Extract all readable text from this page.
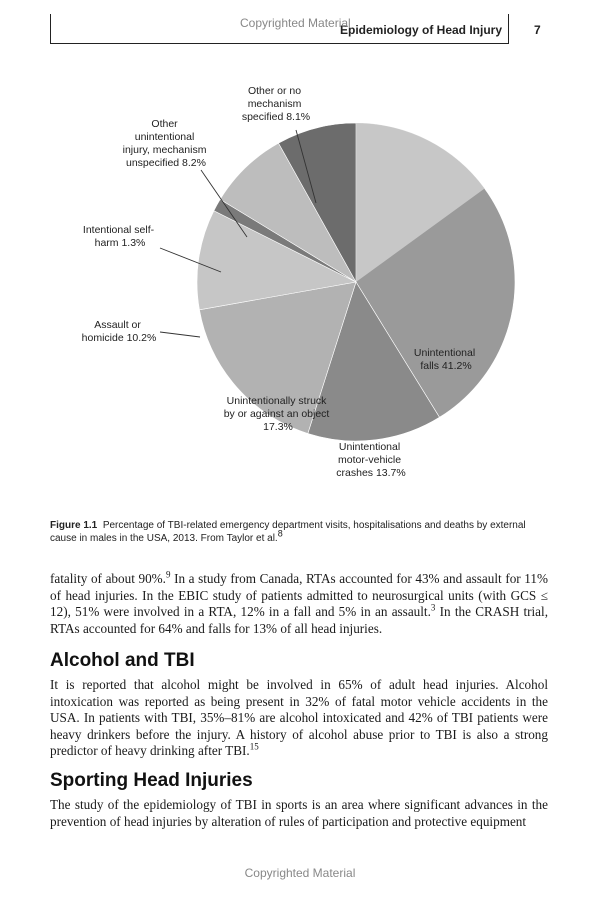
Epidemiology of Head Injury	7
Copyrighted Material
Unintentional falls 41.2%
Unintentional motor-vehicle crashes 13.7%
Unintentionally struck by or against an object 17.3%
Assault or homicide 10.2%
Intentional self- harm 1.3%
Other unintentional injury, mechanism unspecified 8.2%
Other or no mechanism specified 8.1%
Figure 1.1 Percentage of TBI-related emergency department visits, hospitalisations and deaths by external cause in males in the USA, 2013. From Taylor et al.$^8$
fatality of about 90%.$^9$ In a study from Canada, RTAs accounted for 43% and assault for 11% of head injuries. In the EBIC study of patients admitted to neurosurgical units (with GCS ≤ 12), 51% were involved in a RTA, 12% in a fall and 5% in an assault.$^3$ In the CRASH trial, RTAs accounted for 64% and falls for 13% of all head injuries.
Alcohol and TBI
It is reported that alcohol might be involved in 65% of adult head injuries. Alcohol intoxication was reported as being present in 32% of fatal motor vehicle accidents in the USA. In patients with TBI, 35%–81% are alcohol intoxicated and 42% of TBI patients were heavy drinkers before the injury. A history of alcohol abuse prior to TBI is also a strong predictor of heavy drinking after TBI.$^{15}$
Sporting Head Injuries
The study of the epidemiology of TBI in sports is an area where significant advances in the prevention of head injuries by alteration of rules of participation and protective equipment
Copyrighted Material
